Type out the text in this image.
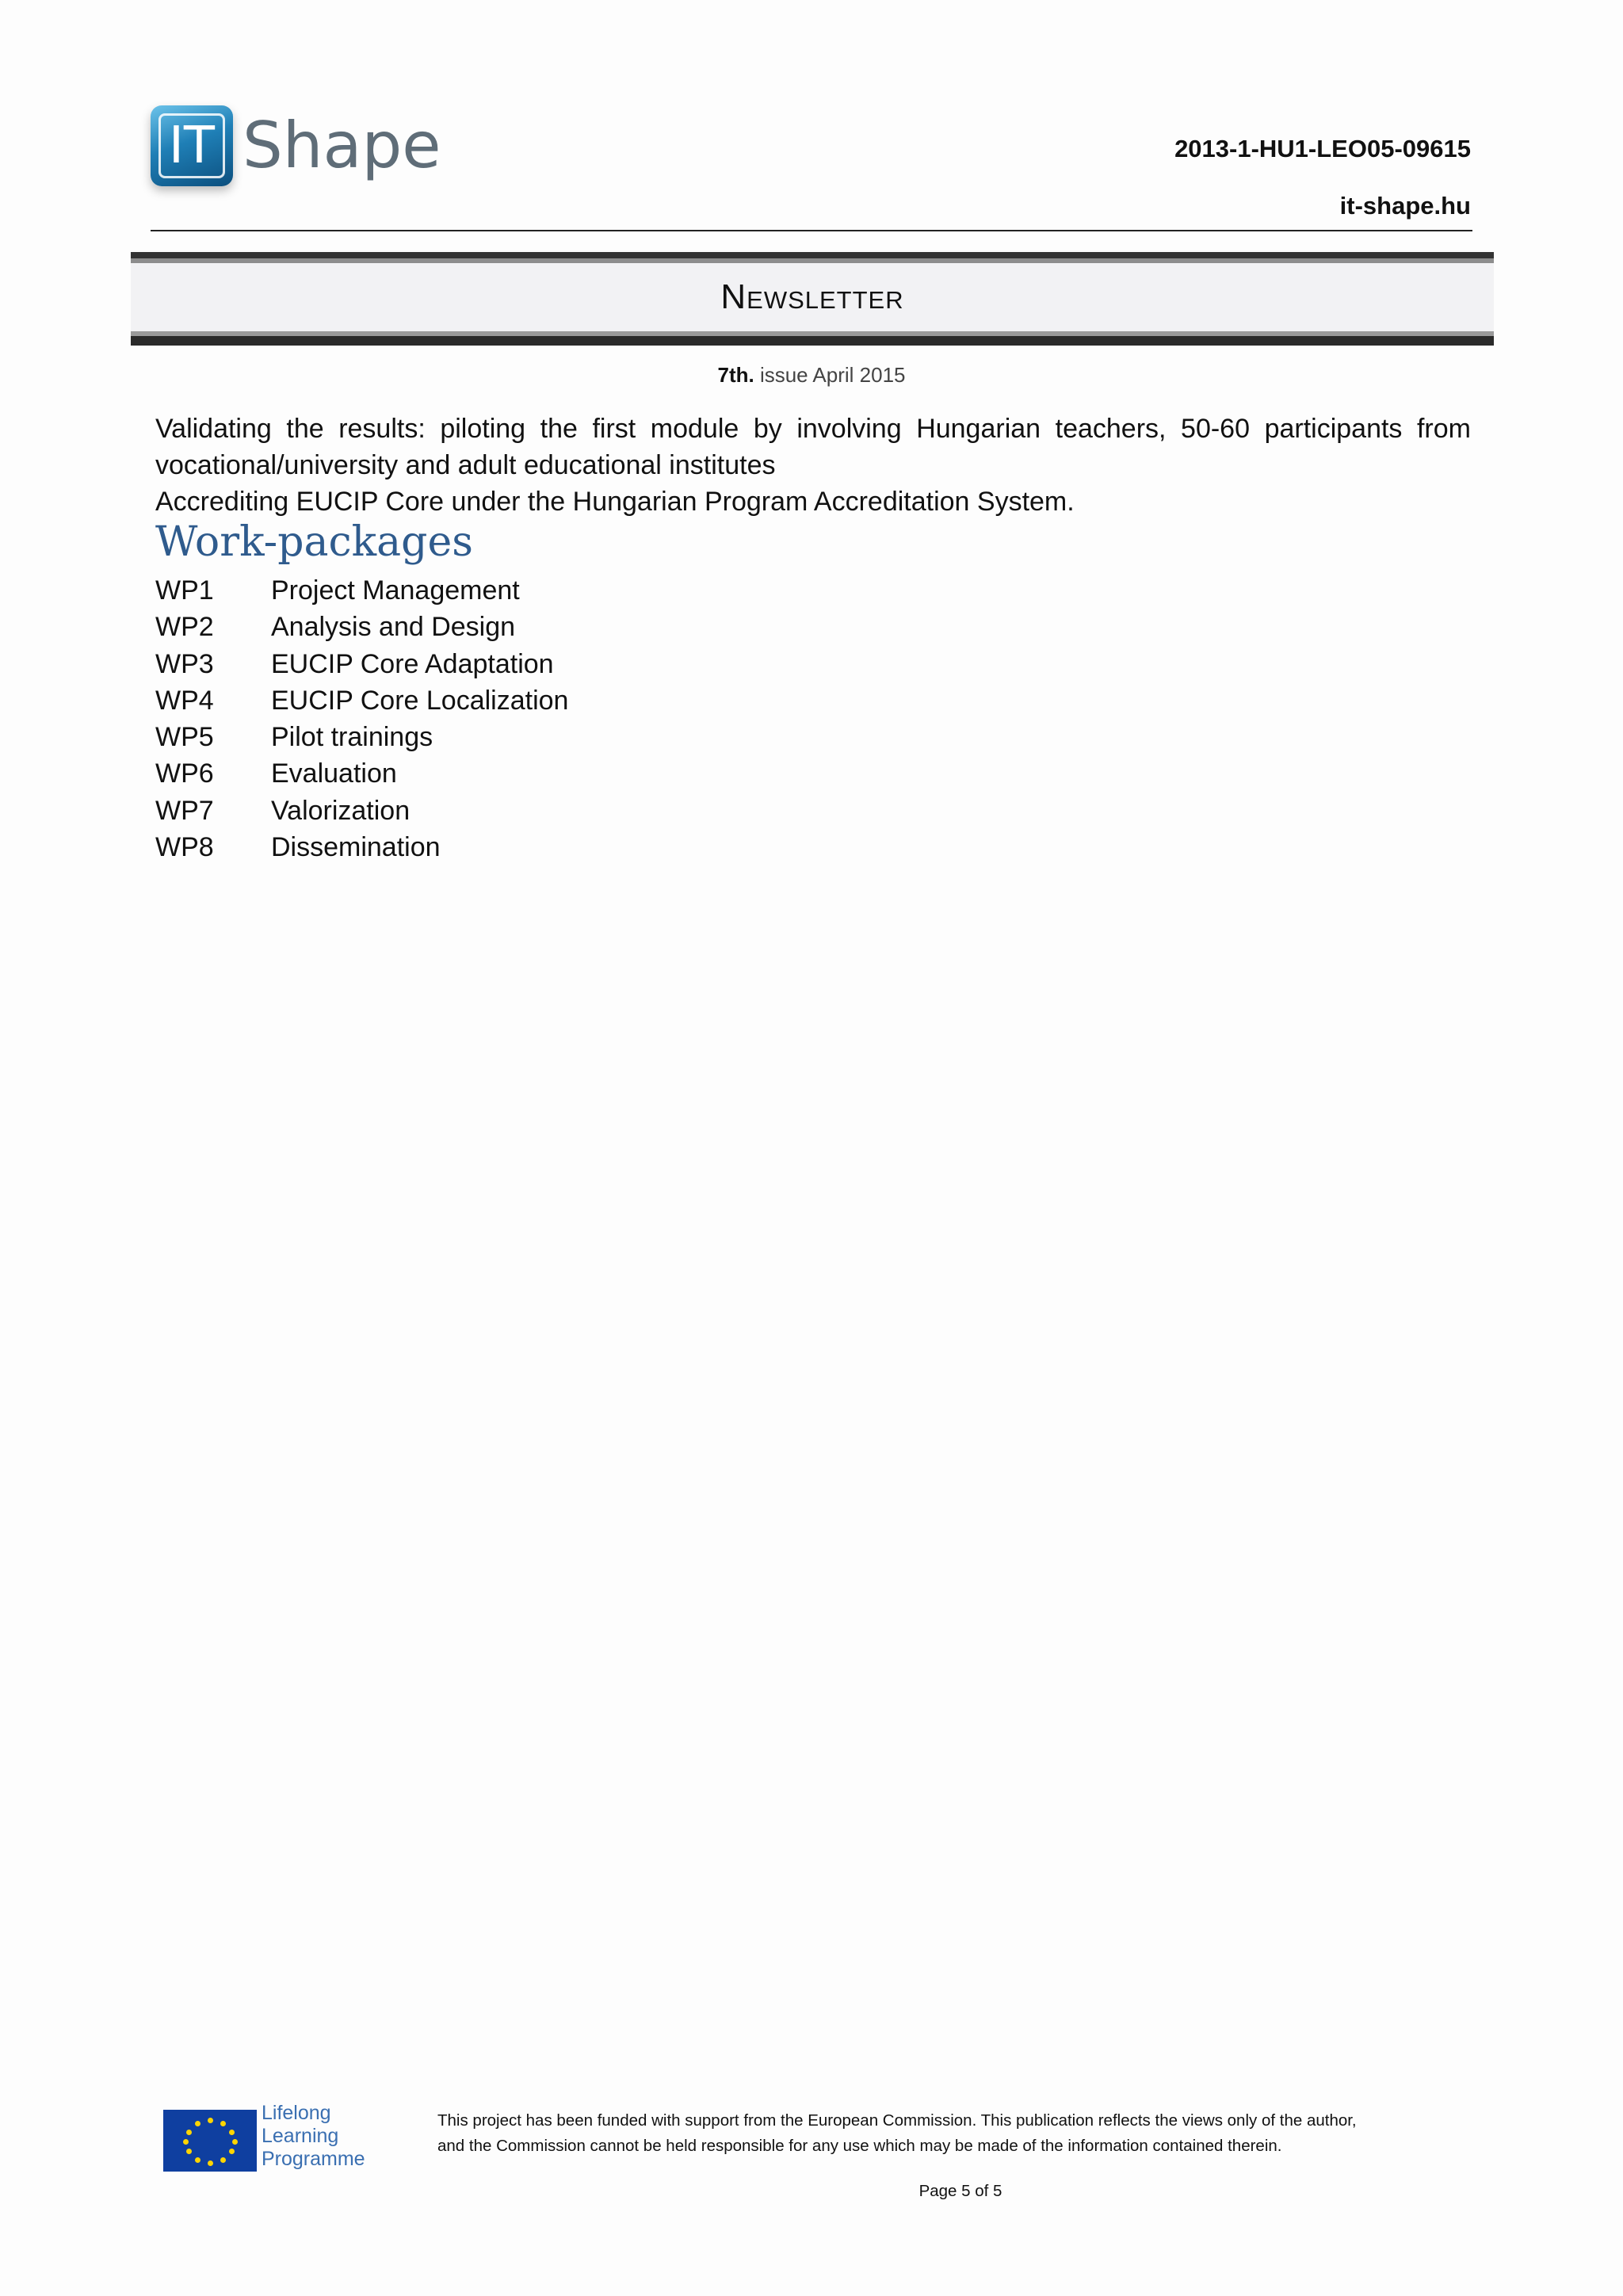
IT Shape	2013-1-HU1-LEO05-09615
it-shape.hu
Newsletter
7th. issue April 2015
Validating the results: piloting the first module by involving Hungarian teachers, 50-60 participants from vocational/university and adult educational institutes
Accrediting EUCIP Core under the Hungarian Program Accreditation System.
Work-packages
WP1	Project Management
WP2	Analysis and Design
WP3	EUCIP Core Adaptation
WP4	EUCIP Core Localization
WP5	Pilot trainings
WP6	Evaluation
WP7	Valorization
WP8	Dissemination
Lifelong
Learning
Programme
This project has been funded with support from the European Commission. This publication reflects the views only of the author,
and the Commission cannot be held responsible for any use which may be made of the information contained therein.
Page 5 of 5
